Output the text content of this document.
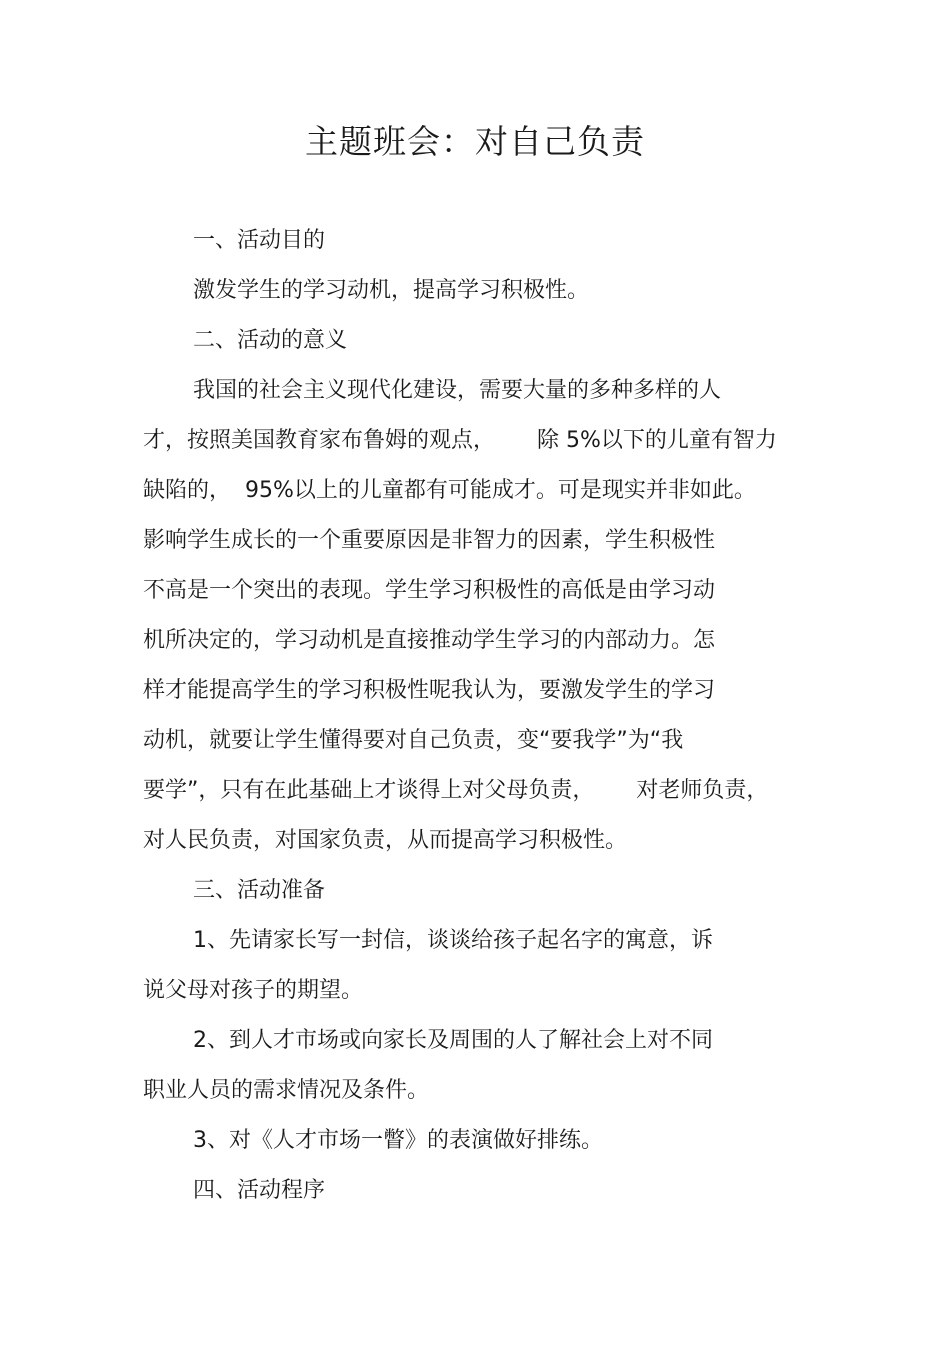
主题班会：对自己负责
一、活动目的
激发学生的学习动机，提高学习积极性。
二、活动的意义
我国的社会主义现代化建设，需要大量的多种多样的人
才，按照美国教育家布鲁姆的观点，      除 5%以下的儿童有智力
缺陷的，  95%以上的儿童都有可能成才。可是现实并非如此。
影响学生成长的一个重要原因是非智力的因素，学生积极性
不高是一个突出的表现。学生学习积极性的高低是由学习动
机所决定的，学习动机是直接推动学生学习的内部动力。怎
样才能提高学生的学习积极性呢我认为，要激发学生的学习
动机，就要让学生懂得要对自己负责，变“要我学”为“我
要学”，只有在此基础上才谈得上对父母负责，      对老师负责，
对人民负责，对国家负责，从而提高学习积极性。
三、活动准备
1、先请家长写一封信，谈谈给孩子起名字的寓意，诉
说父母对孩子的期望。
2、到人才市场或向家长及周围的人了解社会上对不同
职业人员的需求情况及条件。
3、对《人才市场一瞥》的表演做好排练。
四、活动程序
